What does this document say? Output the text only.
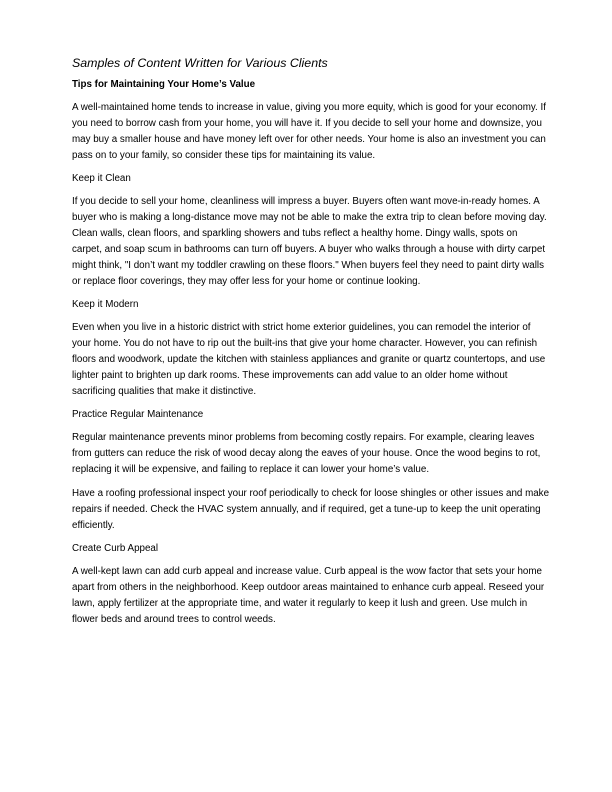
Samples of Content Written for Various Clients
Tips for Maintaining Your Home’s Value

A well-maintained home tends to increase in value, giving you more equity, which is good for your economy. If you need to borrow cash from your home, you will have it. If you decide to sell your home and downsize, you may buy a smaller house and have money left over for other needs. Your home is also an investment you can pass on to your family, so consider these tips for maintaining its value.

Keep it Clean

If you decide to sell your home, cleanliness will impress a buyer. Buyers often want move-in-ready homes. A buyer who is making a long-distance move may not be able to make the extra trip to clean before moving day. Clean walls, clean floors, and sparkling showers and tubs reflect a healthy home. Dingy walls, spots on carpet, and soap scum in bathrooms can turn off buyers. A buyer who walks through a house with dirty carpet might think, "I don’t want my toddler crawling on these floors." When buyers feel they need to paint dirty walls or replace floor coverings, they may offer less for your home or continue looking.

Keep it Modern

Even when you live in a historic district with strict home exterior guidelines, you can remodel the interior of your home. You do not have to rip out the built-ins that give your home character. However, you can refinish floors and woodwork, update the kitchen with stainless appliances and granite or quartz countertops, and use lighter paint to brighten up dark rooms. These improvements can add value to an older home without sacrificing qualities that make it distinctive.

Practice Regular Maintenance

Regular maintenance prevents minor problems from becoming costly repairs. For example, clearing leaves from gutters can reduce the risk of wood decay along the eaves of your house. Once the wood begins to rot, replacing it will be expensive, and failing to replace it can lower your home’s value.

Have a roofing professional inspect your roof periodically to check for loose shingles or other issues and make repairs if needed. Check the HVAC system annually, and if required, get a tune-up to keep the unit operating efficiently.

Create Curb Appeal

A well-kept lawn can add curb appeal and increase value. Curb appeal is the wow factor that sets your home apart from others in the neighborhood. Keep outdoor areas maintained to enhance curb appeal. Reseed your lawn, apply fertilizer at the appropriate time, and water it regularly to keep it lush and green. Use mulch in flower beds and around trees to control weeds.
